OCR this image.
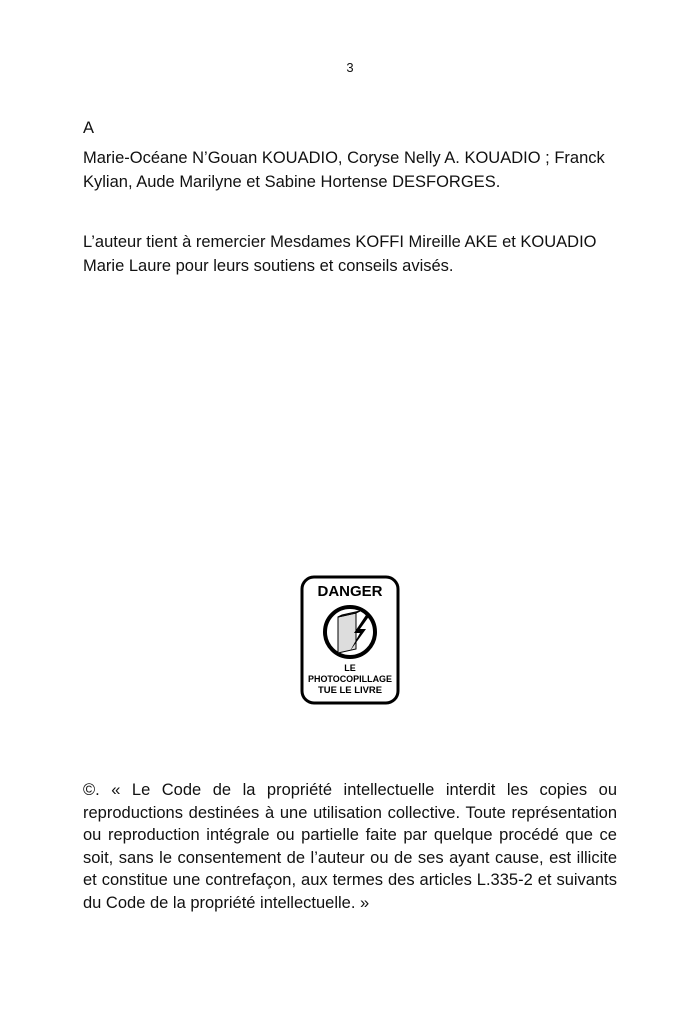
3
A
Marie-Océane N’Gouan KOUADIO, Coryse Nelly A. KOUADIO ; Franck Kylian, Aude Marilyne et Sabine Hortense DESFORGES.
L’auteur tient à remercier Mesdames KOFFI Mireille AKE et KOUADIO Marie Laure pour leurs soutiens et conseils avisés.
DANGER
LE
PHOTOCOPILLAGE
TUE LE LIVRE
©. « Le Code de la propriété intellectuelle interdit les copies ou reproductions destinées à une utilisation collective. Toute représentation ou reproduction intégrale ou partielle faite par quelque procédé que ce soit, sans le consentement de l’auteur ou de ses ayant cause, est illicite et constitue une contrefaçon, aux termes des articles L.335-2 et suivants du Code de la propriété intellectuelle. »
